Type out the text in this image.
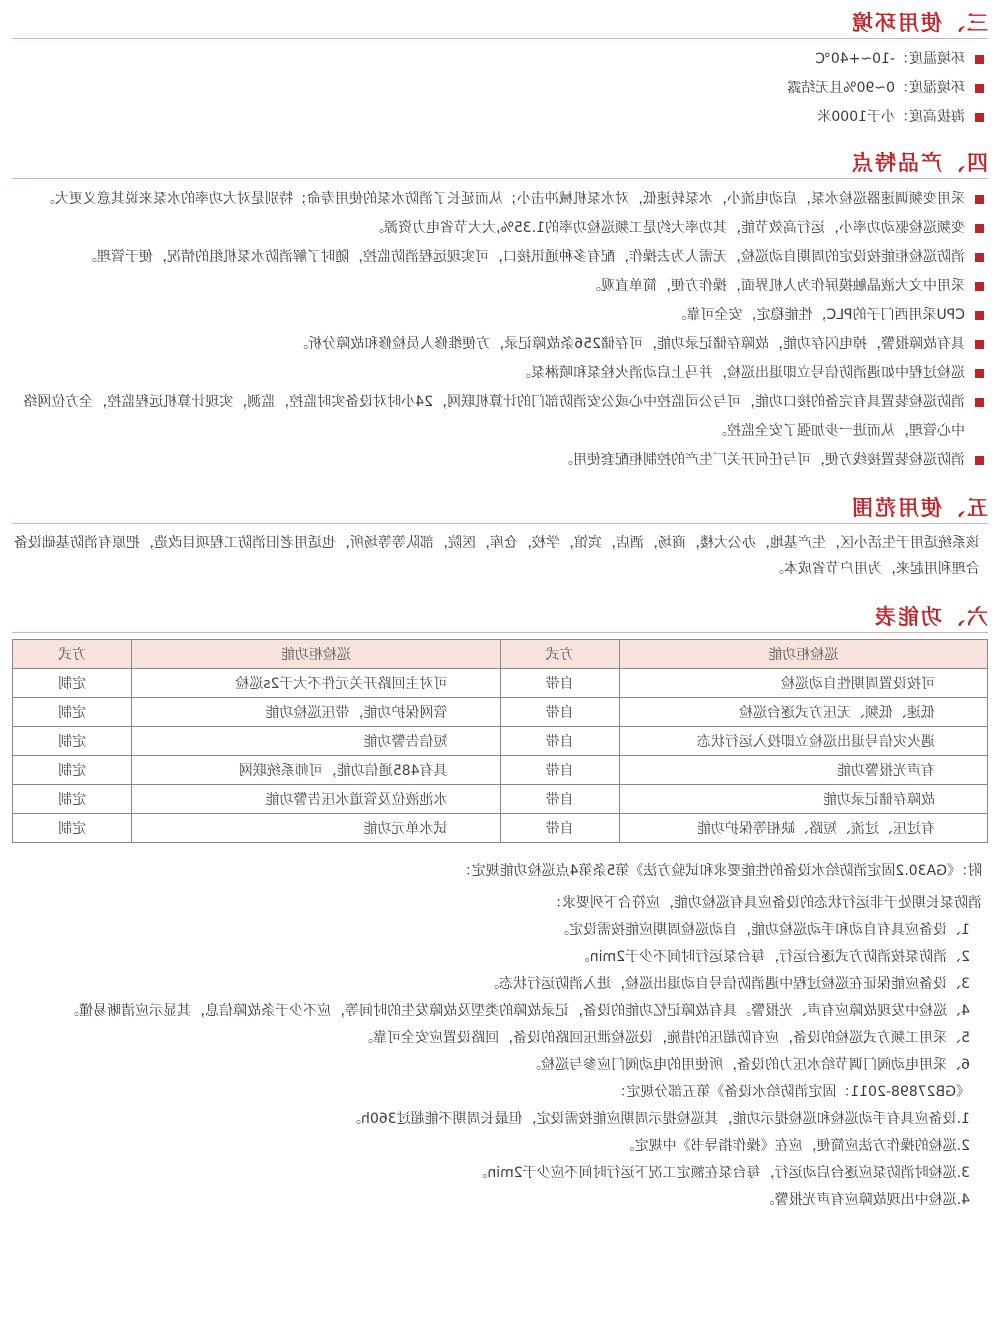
三、使用环境
环境温度：-10~+40℃
环境湿度：0~90%且无结露
海拔高度：小于1000米
四、产品特点
采用变频调速器巡检水泵，启动电流小，水泵转速低，对水泵机械冲击小；从而延长了消防水泵的使用寿命；特别是对大功率的水泵来说其意义更大。
变频巡检驱动功率小，运行高效节能，其功率大约是工频巡检功率的1.35%,大大节省电力资源。
消防巡检柜能按设定的周期自动巡检，无需人为去操作，配有多种通讯接口，可实现远程消防监控，随时了解消防水泵机组的情况，便于管理。
采用中文大液晶触摸屏作为人机界面，操作方便，简单直观。
CPU采用西门子的PLC，性能稳定，安全可靠。
具有故障报警，掉电闪存功能，故障存储记录功能，可存储256条故障记录，方便维修人员检修和故障分析。
巡检过程中如遇消防信号立即退出巡检，并马上启动消火栓泵和喷淋泵。
消防巡检装置具有完备的接口功能，可与公司监控中心或公安消防部门的计算机联网，24小时对设备实时监控，监测，实现计算机远程监控，全方位网络中心管理，从而进一步加强了安全监控。
消防巡检装置接线方便，可与任何开关厂生产的控制柜配套使用。
五、使用范围
该系统适用于生活小区，生产基地，办公大楼，商场，酒店，宾馆，学校，仓库，医院，部队等等场所，也适用老旧消防工程项目改造，把原有消防基础设备合理利用起来，为用户节省成本。
六、功能表
巡检柜功能	方式	巡检柜功能	方式
可按设置周期性自动巡检	自带	可对主回路开关元件不大于2s巡检	定制
低速、低频、无压方式逐台巡检	自带	管网保护功能，带压巡检功能	定制
遇火灾信号退出巡检立即投入运行状态	自带	短信告警功能	定制
有声光报警功能	自带	具有485通信功能，可师系统联网	定制
故障存储记录功能	自带	水池液位及管道水压告警功能	定制
有过压、过流、短路、缺相等保护功能	自带	试水单元功能	定制
附：《GA30.2固定消防给水设备的性能要求和试验方法》第5条第4点巡检功能规定：
消防泵长期处于非运行状态的设备应具有巡检功能，应符合下列要求：
1、设备应具有自动和手动巡检功能，自动巡检周期应能按需设定。
2、消防泵按消防方式逐台运行，每台泵运行时间不少于2min。
3、设备应能保证在巡检过程中遇消防信号自动退出巡检，进入消防运行状态。
4、巡检中发现故障应有声、光报警。具有故障记忆功能的设备，记录故障的类型及故障发生的时间等，应不少于条故障信息，其显示应清晰易懂。
5、采用工频方式巡检的设备，应有防超压的措施，设巡检泄压回路的设备，回路设置应安全可靠。
6、采用电动阀门调节给水压力的设备，所使用的电动阀门应参与巡检。
《GB27898-2011：固定消防给水设备》第五部分规定：
1.设备应具有手动巡检和巡检提示功能，其巡检提示周期应能按需设定，但最长周期不能超过360h。
2.巡检的操作方法应简便，应在《操作指导书》中规定。
3.巡检时消防泵应逐台启动运行，每台泵在额定工况下运行时间不应少于2min。
4.巡检中出现故障应有声光报警。
